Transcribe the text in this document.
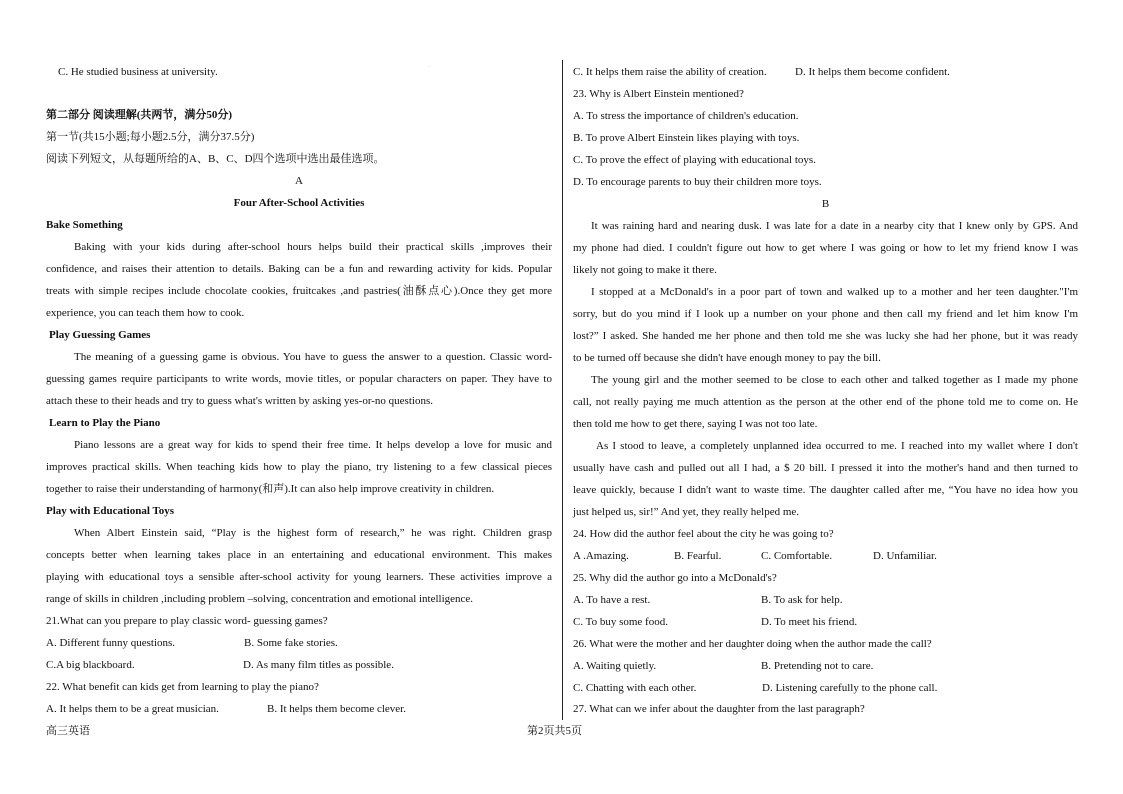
·
C. He studied business at university.
第二部分 阅读理解(共两节，满分50分)
第一节(共15小题;每小题2.5分，满分37.5分)
阅读下列短文，从每题所给的A、B、C、D四个选项中选出最佳选项。
A
Four After-School Activities
Bake Something
Baking with your kids during after-school hours helps build their practical skills ,improves their
confidence, and raises their attention to details. Baking can be a fun and rewarding activity for kids. Popular
treats with simple recipes include chocolate cookies, fruitcakes ,and pastries(油酥点心).Once they get more
experience, you can teach them how to cook.
Play Guessing Games
The meaning of a guessing game is obvious. You have to guess the answer to a question. Classic word-
guessing games require participants to write words, movie titles, or popular characters on paper. They have to
attach these to their heads and try to guess what's written by asking yes-or-no questions.
Learn to Play the Piano
Piano lessons are a great way for kids to spend their free time. It helps develop a love for music and
improves practical skills. When teaching kids how to play the piano, try listening to a few classical pieces
together to raise their understanding of harmony(和声).It can also help improve creativity in children.
Play with Educational Toys
When Albert Einstein said, “Play is the highest form of research,” he was right. Children grasp
concepts better when learning takes place in an entertaining and educational environment. This makes
playing with educational toys a sensible after-school activity for young learners. These activities improve a
range of skills in children ,including problem –solving, concentration and emotional intelligence.
21.What can you prepare to play classic word- guessing games?
A. Different funny questions.	B. Some fake stories.
C.A big blackboard.	D. As many film titles as possible.
22. What benefit can kids get from learning to play the piano?
A. It helps them to be a great musician.	B. It helps them become clever.
C. It helps them raise the ability of creation.	D. It helps them become confident.
23. Why is Albert Einstein mentioned?
A. To stress the importance of children's education.
B. To prove Albert Einstein likes playing with toys.
C. To prove the effect of playing with educational toys.
D. To encourage parents to buy their children more toys.
B
It was raining hard and nearing dusk. I was late for a date in a nearby city that I knew only by GPS. And
my phone had died. I couldn't figure out how to get where I was going or how to let my friend know I was
likely not going to make it there.
I stopped at a McDonald's in a poor part of town and walked up to a mother and her teen daughter."I'm
sorry, but do you mind if I look up a number on your phone and then call my friend and let him know I'm
lost?” I asked. She handed me her phone and then told me she was lucky she had her phone, but it was ready
to be turned off because she didn't have enough money to pay the bill.
The young girl and the mother seemed to be close to each other and talked together as I made my phone
call, not really paying me much attention as the person at the other end of the phone told me to come on. He
then told me how to get there, saying I was not too late.
As I stood to leave, a completely unplanned idea occurred to me. I reached into my wallet where I don't
usually have cash and pulled out all I had, a $ 20 bill. I pressed it into the mother's hand and then turned to
leave quickly, because I didn't want to waste time. The daughter called after me, “You have no idea how you
just helped us, sir!” And yet, they really helped me.
24. How did the author feel about the city he was going to?
A .Amazing.	B. Fearful.	C. Comfortable.	D. Unfamiliar.
25. Why did the author go into a McDonald's?
A. To have a rest.	B. To ask for help.
C. To buy some food.	D. To meet his friend.
26. What were the mother and her daughter doing when the author made the call?
A. Waiting quietly.	B. Pretending not to care.
C. Chatting with each other.	D. Listening carefully to the phone call.
27. What can we infer about the daughter from the last paragraph?
高三英语	第2页共5页
